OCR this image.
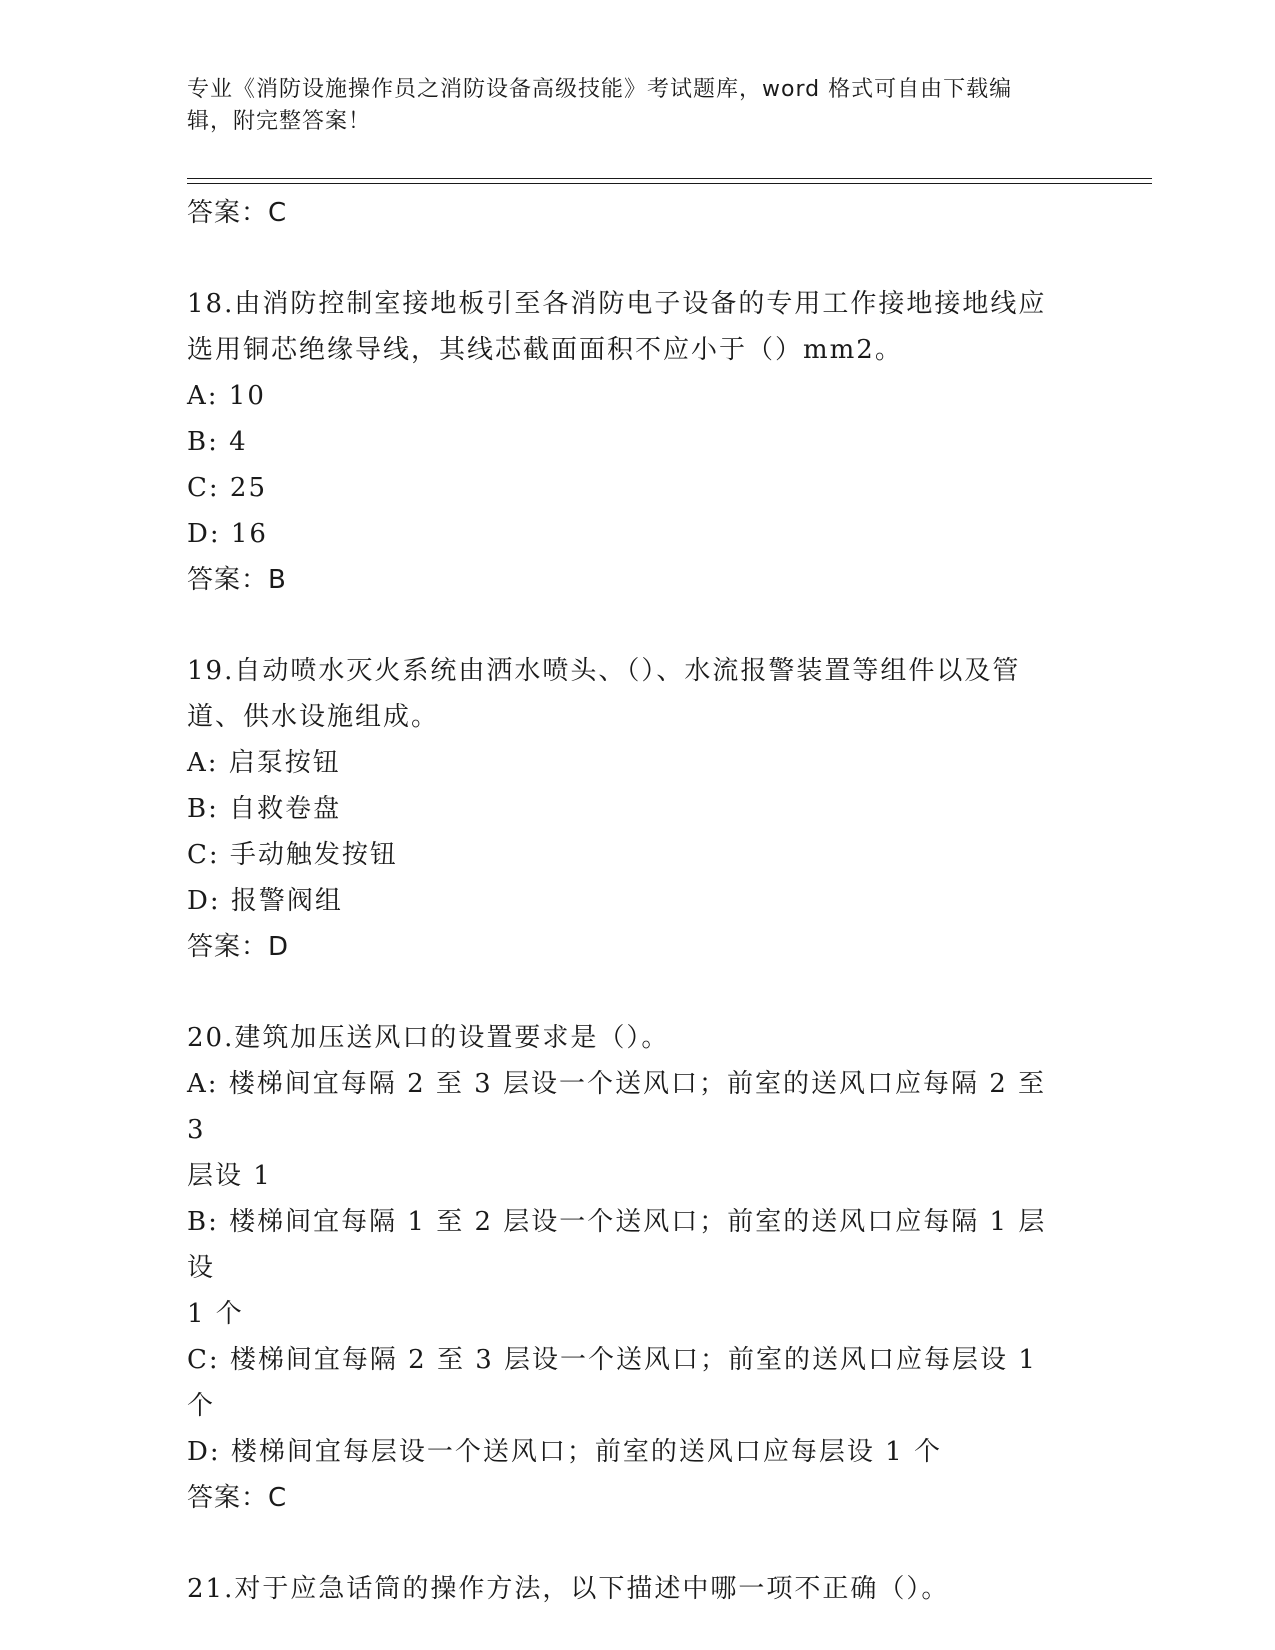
专业《消防设施操作员之消防设备高级技能》考试题库，word 格式可自由下载编
辑，附完整答案！
答案：C
18.由消防控制室接地板引至各消防电子设备的专用工作接地接地线应
选用铜芯绝缘导线，其线芯截面面积不应小于（）mm2。
A: 10
B: 4
C: 25
D: 16
答案：B
19.自动喷水灭火系统由洒水喷头、（）、水流报警装置等组件以及管
道、供水设施组成。
A: 启泵按钮
B: 自救卷盘
C: 手动触发按钮
D: 报警阀组
答案：D
20.建筑加压送风口的设置要求是（）。
A: 楼梯间宜每隔 2 至 3 层设一个送风口；前室的送风口应每隔 2 至 3
层设 1
B: 楼梯间宜每隔 1 至 2 层设一个送风口；前室的送风口应每隔 1 层设
1 个
C: 楼梯间宜每隔 2 至 3 层设一个送风口；前室的送风口应每层设 1 个
D: 楼梯间宜每层设一个送风口；前室的送风口应每层设 1 个
答案：C
21.对于应急话筒的操作方法，以下描述中哪一项不正确（）。
